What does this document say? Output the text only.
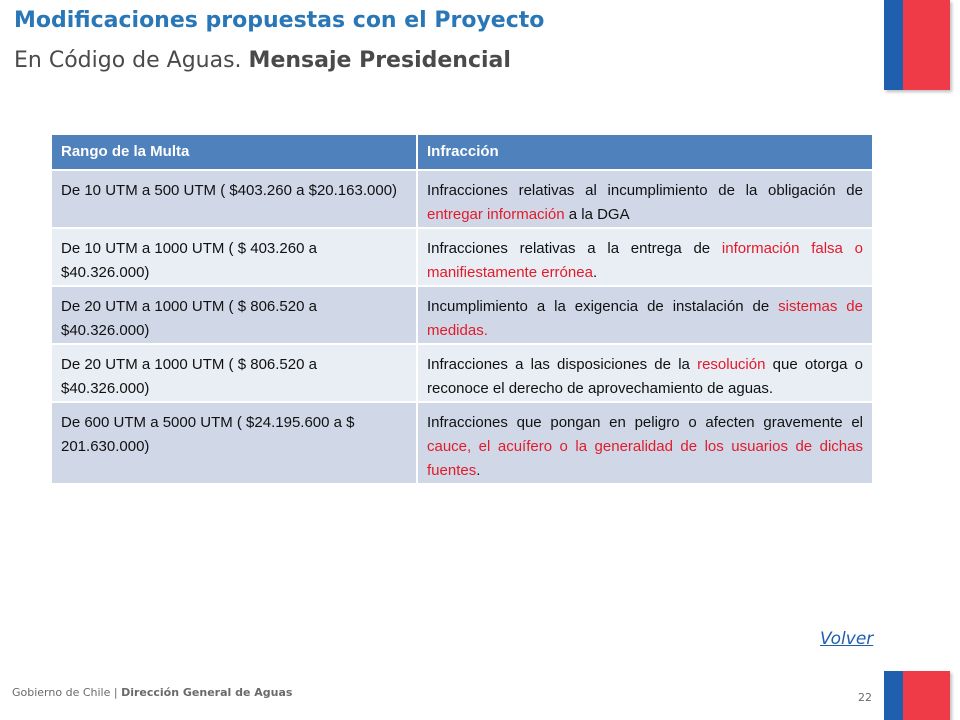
Modificaciones propuestas con el Proyecto
En Código de Aguas. Mensaje Presidencial
Rango de la Multa	Infracción
De 10 UTM a 500 UTM ( $403.260 a $20.163.000)	Infracciones relativas al incumplimiento de la obligación de entregar información a la DGA
De 10 UTM a 1000 UTM ( $ 403.260 a $40.326.000)	Infracciones relativas a la entrega de información falsa o manifiestamente errónea.
De 20 UTM a 1000 UTM ( $ 806.520 a $40.326.000)	Incumplimiento a la exigencia de instalación de sistemas de medidas.
De 20 UTM a 1000 UTM ( $ 806.520 a $40.326.000)	Infracciones a las disposiciones de la resolución que otorga o reconoce el derecho de aprovechamiento de aguas.
De 600 UTM a 5000 UTM ( $24.195.600 a $ 201.630.000)	Infracciones que pongan en peligro o afecten gravemente el cauce, el acuífero o la generalidad de los usuarios de dichas fuentes.
Volver
Gobierno de Chile | Dirección General de Aguas	22
